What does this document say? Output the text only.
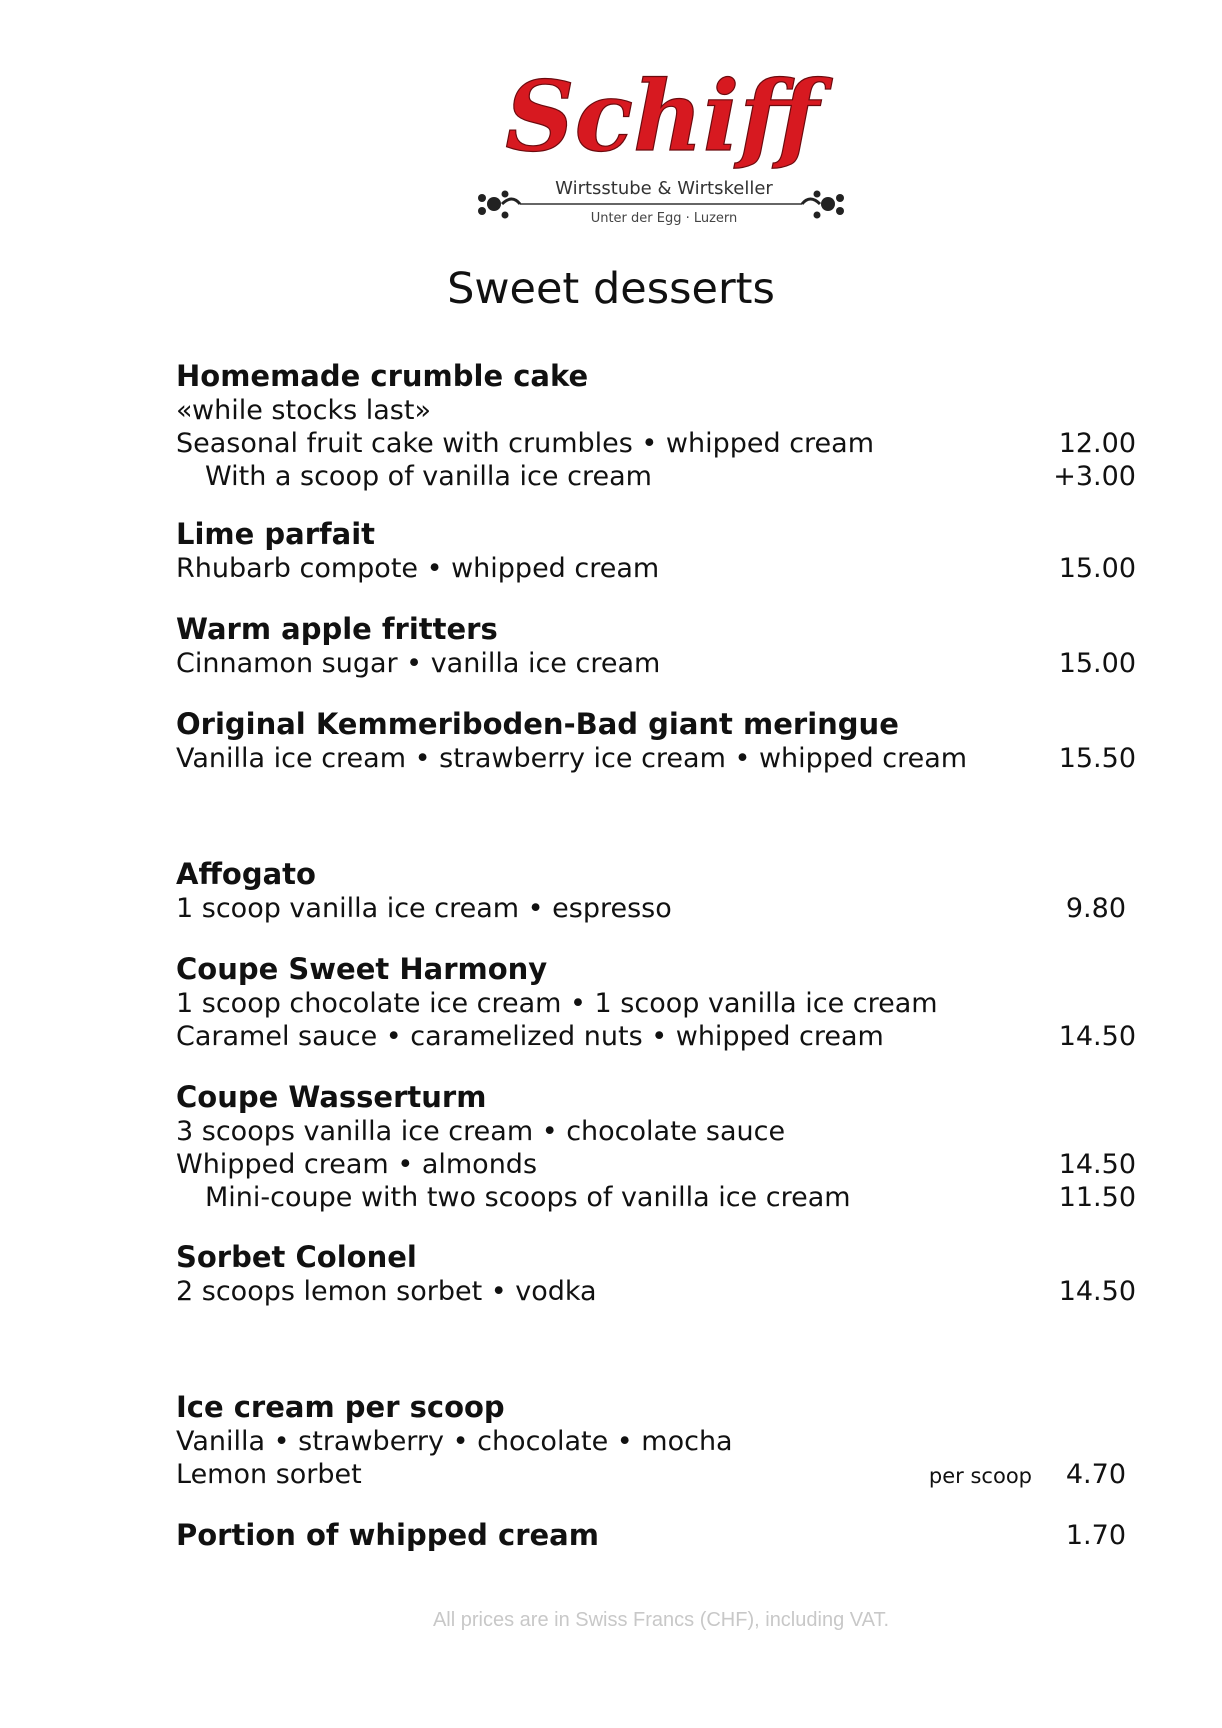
Schiff
Wirtsstube & Wirtskeller
Unter der Egg · Luzern
Sweet desserts
Homemade crumble cake
«while stocks last»
Seasonal fruit cake with crumbles • whipped cream	12.00
With a scoop of vanilla ice cream	+3.00
Lime parfait
Rhubarb compote • whipped cream	15.00
Warm apple fritters
Cinnamon sugar • vanilla ice cream	15.00
Original Kemmeriboden-Bad giant meringue
Vanilla ice cream • strawberry ice cream • whipped cream	15.50
Affogato
1 scoop vanilla ice cream • espresso	9.80
Coupe Sweet Harmony
1 scoop chocolate ice cream • 1 scoop vanilla ice cream
Caramel sauce • caramelized nuts • whipped cream	14.50
Coupe Wasserturm
3 scoops vanilla ice cream • chocolate sauce
Whipped cream • almonds	14.50
Mini-coupe with two scoops of vanilla ice cream	11.50
Sorbet Colonel
2 scoops lemon sorbet • vodka	14.50
Ice cream per scoop
Vanilla • strawberry • chocolate • mocha
Lemon sorbet	per scoop	4.70
Portion of whipped cream	1.70
All prices are in Swiss Francs (CHF), including VAT.
